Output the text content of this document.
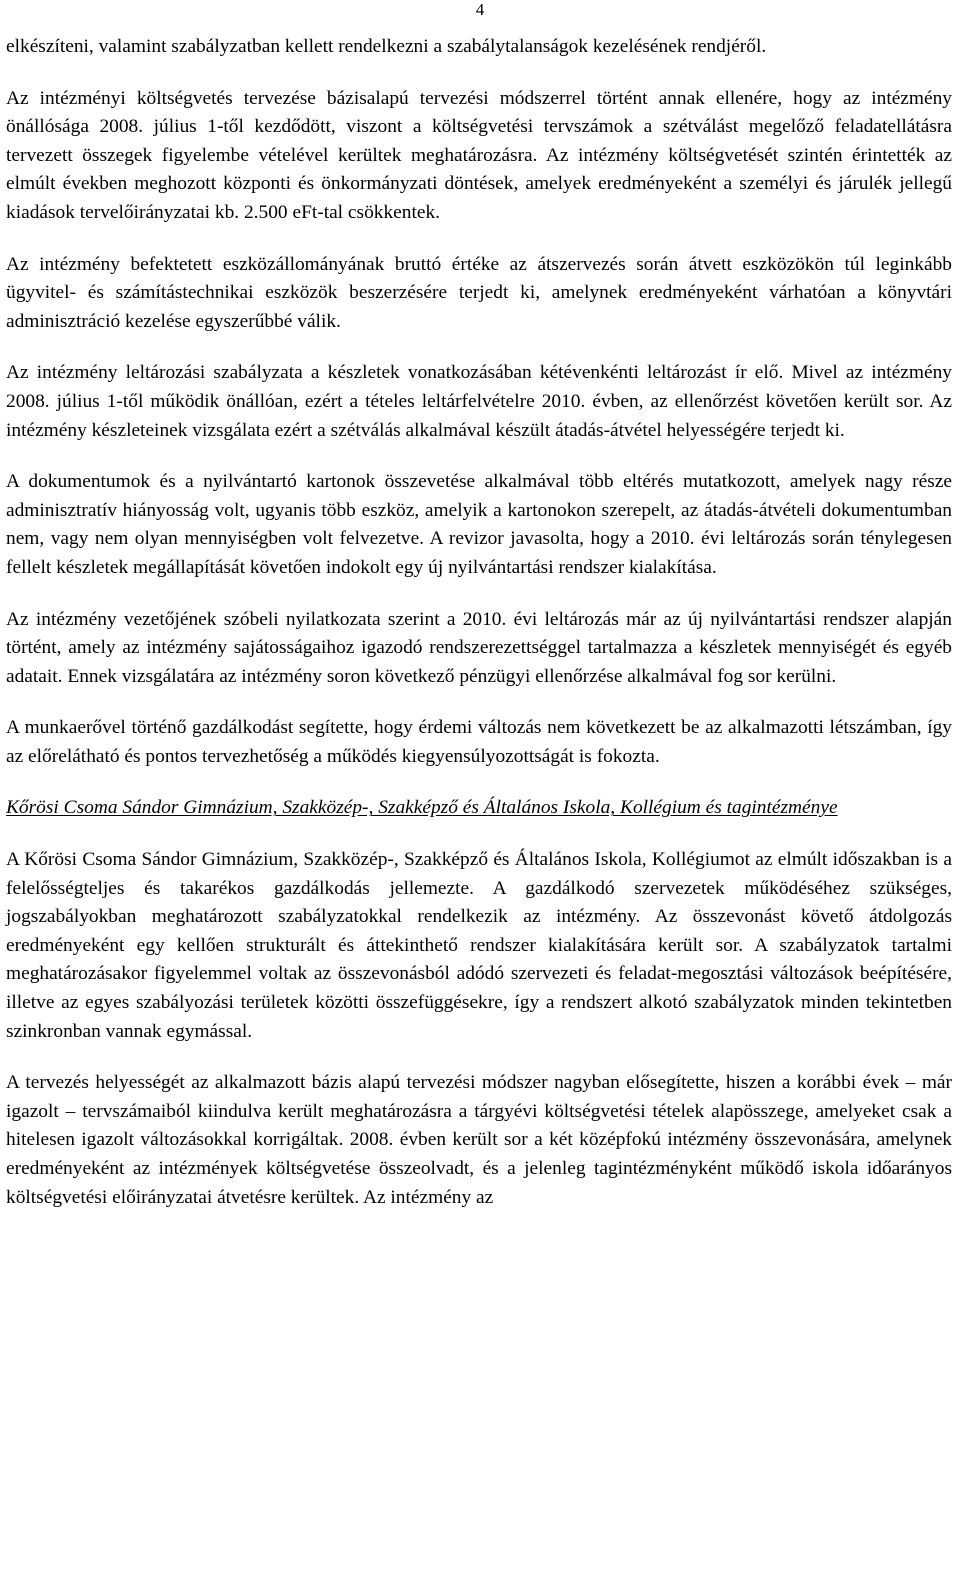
4

elkészíteni, valamint szabályzatban kellett rendelkezni a szabálytalanságok kezelésének rendjéről.

Az intézményi költségvetés tervezése bázisalapú tervezési módszerrel történt annak ellenére, hogy az intézmény önállósága 2008. július 1-től kezdődött, viszont a költségvetési tervszámok a szétválást megelőző feladatellátásra tervezett összegek figyelembe vételével kerültek meghatározásra. Az intézmény költségvetését szintén érintették az elmúlt években meghozott központi és önkormányzati döntések, amelyek eredményeként a személyi és járulék jellegű kiadások tervelőirányzatai kb. 2.500 eFt-tal csökkentek.

Az intézmény befektetett eszközállományának bruttó értéke az átszervezés során átvett eszközökön túl leginkább ügyvitel- és számítástechnikai eszközök beszerzésére terjedt ki, amelynek eredményeként várhatóan a könyvtári adminisztráció kezelése egyszerűbbé válik.

Az intézmény leltározási szabályzata a készletek vonatkozásában kétévenkénti leltározást ír elő. Mivel az intézmény 2008. július 1-től működik önállóan, ezért a tételes leltárfelvételre 2010. évben, az ellenőrzést követően került sor. Az intézmény készleteinek vizsgálata ezért a szétválás alkalmával készült átadás-átvétel helyességére terjedt ki.

A dokumentumok és a nyilvántartó kartonok összevetése alkalmával több eltérés mutatkozott, amelyek nagy része adminisztratív hiányosság volt, ugyanis több eszköz, amelyik a kartonokon szerepelt, az átadás-átvételi dokumentumban nem, vagy nem olyan mennyiségben volt felvezetve. A revizor javasolta, hogy a 2010. évi leltározás során ténylegesen fellelt készletek megállapítását követően indokolt egy új nyilvántartási rendszer kialakítása.

Az intézmény vezetőjének szóbeli nyilatkozata szerint a 2010. évi leltározás már az új nyilvántartási rendszer alapján történt, amely az intézmény sajátosságaihoz igazodó rendszerezettséggel tartalmazza a készletek mennyiségét és egyéb adatait. Ennek vizsgálatára az intézmény soron következő pénzügyi ellenőrzése alkalmával fog sor kerülni.

A munkaerővel történő gazdálkodást segítette, hogy érdemi változás nem következett be az alkalmazotti létszámban, így az előrelátható és pontos tervezhetőség a működés kiegyensúlyozottságát is fokozta.

Kőrösi Csoma Sándor Gimnázium, Szakközép-, Szakképző és Általános Iskola, Kollégium és tagintézménye

A Kőrösi Csoma Sándor Gimnázium, Szakközép-, Szakképző és Általános Iskola, Kollégiumot az elmúlt időszakban is a felelősségteljes és takarékos gazdálkodás jellemezte. A gazdálkodó szervezetek működéséhez szükséges, jogszabályokban meghatározott szabályzatokkal rendelkezik az intézmény. Az összevonást követő átdolgozás eredményeként egy kellően strukturált és áttekinthető rendszer kialakítására került sor. A szabályzatok tartalmi meghatározásakor figyelemmel voltak az összevonásból adódó szervezeti és feladat-megosztási változások beépítésére, illetve az egyes szabályozási területek közötti összefüggésekre, így a rendszert alkotó szabályzatok minden tekintetben szinkronban vannak egymással.

A tervezés helyességét az alkalmazott bázis alapú tervezési módszer nagyban elősegítette, hiszen a korábbi évek – már igazolt – tervszámaiból kiindulva került meghatározásra a tárgyévi költségvetési tételek alapösszege, amelyeket csak a hitelesen igazolt változásokkal korrigáltak. 2008. évben került sor a két középfokú intézmény összevonására, amelynek eredményeként az intézmények költségvetése összeolvadt, és a jelenleg tagintézményként működő iskola időarányos költségvetési előirányzatai átvetésre kerültek. Az intézmény az
